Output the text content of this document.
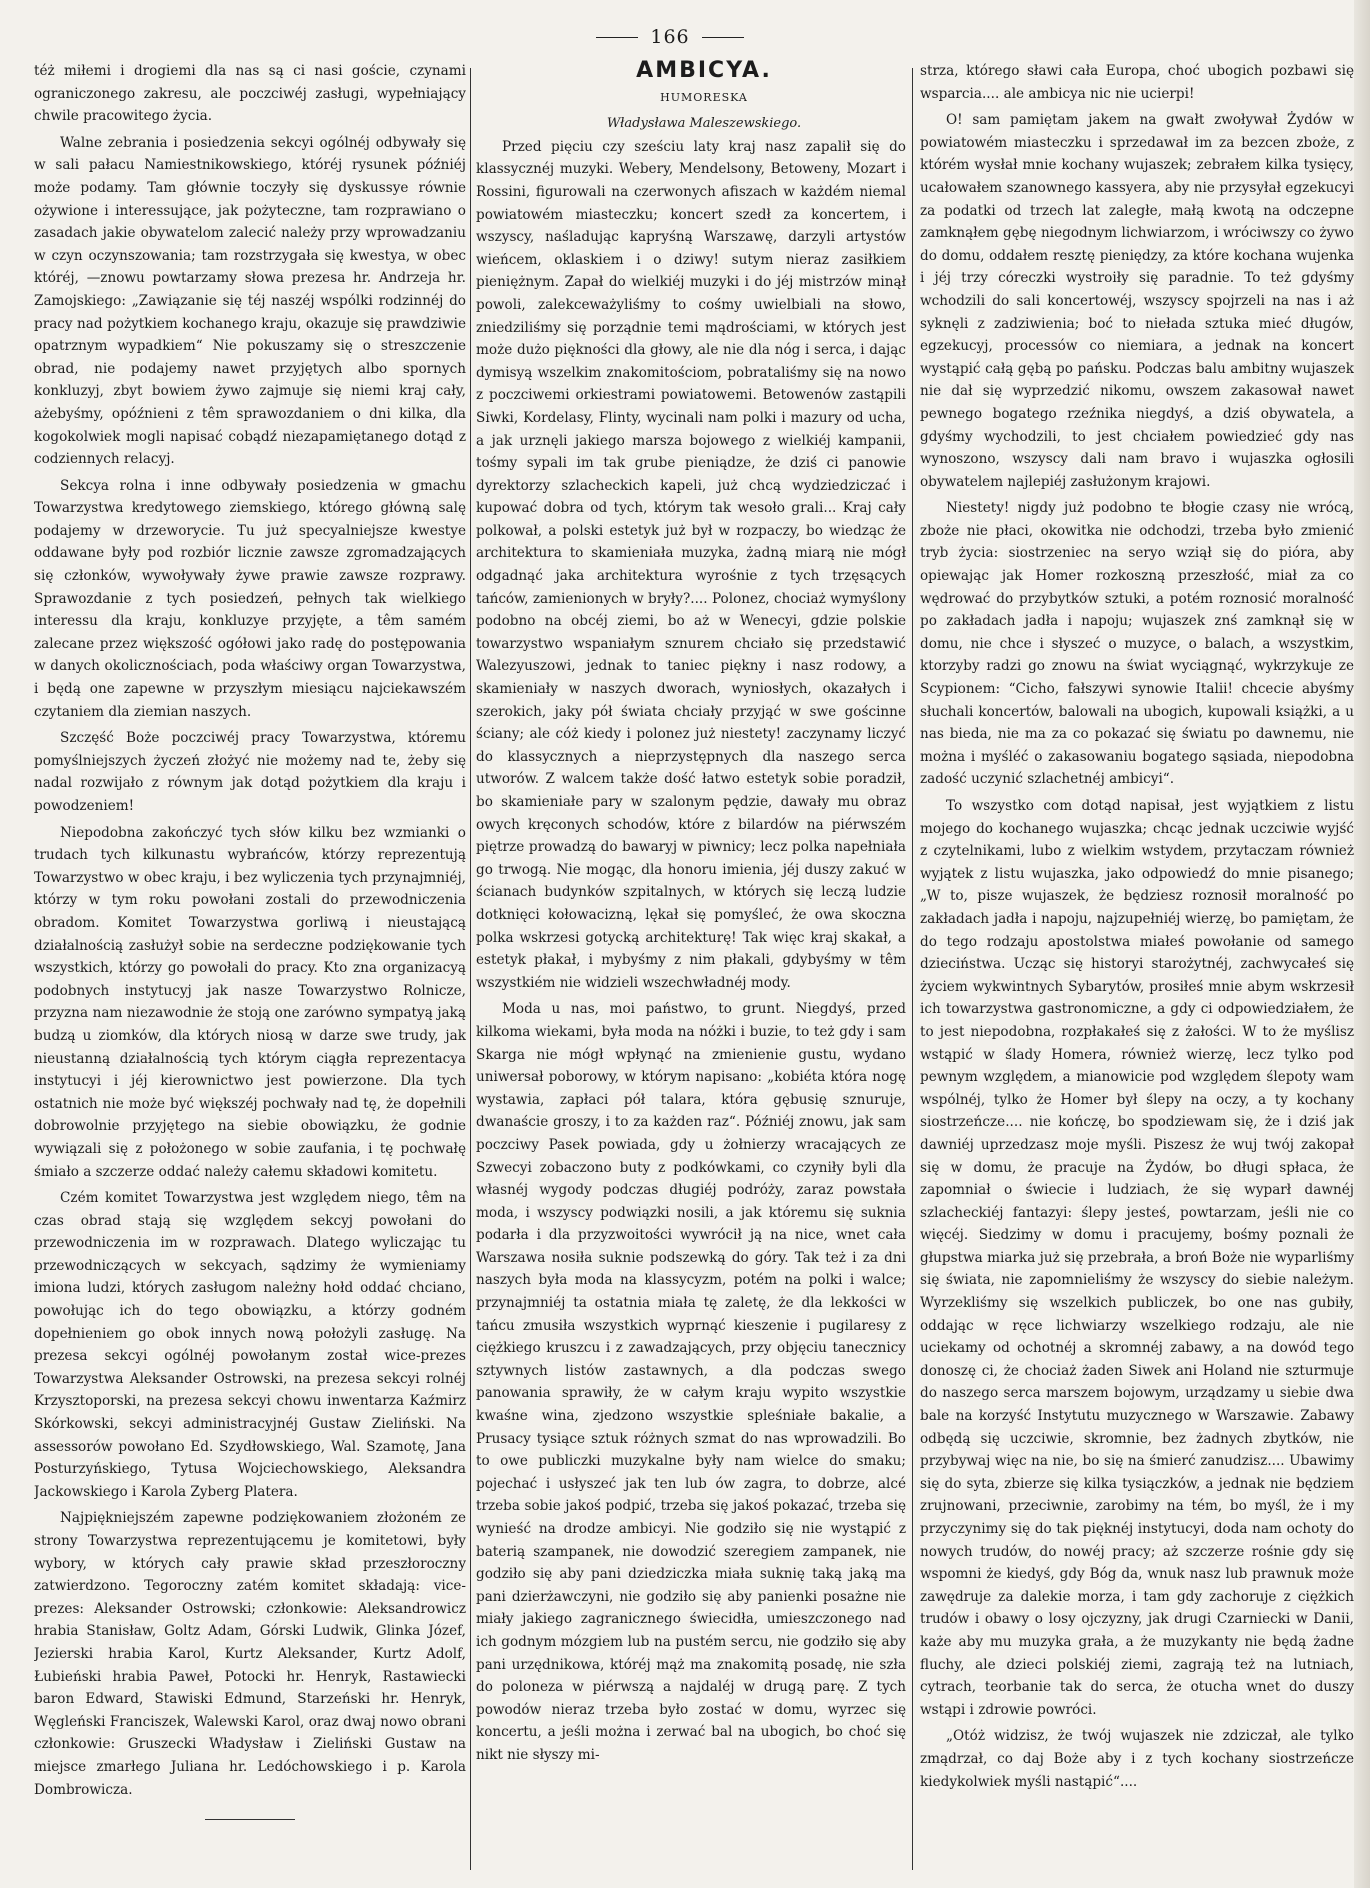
166

téż miłemi i drogiemi dla nas są ci nasi goście, czynami ograniczonego zakresu, ale poczciwéj zasługi, wypełniający chwile pracowitego życia.

Walne zebrania i posiedzenia sekcyi ogólnéj odbywały się w sali pałacu Namiestnikowskiego, któréj rysunek późniéj może podamy. Tam głównie toczyły się dyskussye równie ożywione i interessujące, jak pożyteczne, tam rozprawiano o zasadach jakie obywatelom zalecić należy przy wprowadzaniu w czyn oczynszowania; tam rozstrzygała się kwestya, w obec któréj, —znowu powtarzamy słowa prezesa hr. Andrzeja hr. Zamojskiego: „Zawiązanie się téj naszéj wspólki rodzinnéj do pracy nad pożytkiem kochanego kraju, okazuje się prawdziwie opatrznym wypadkiem“ Nie pokuszamy się o streszczenie obrad, nie podajemy nawet przyjętych albo spornych konkluzyj, zbyt bowiem żywo zajmuje się niemi kraj cały, ażebyśmy, opóźnieni z têm sprawozdaniem o dni kilka, dla kogokolwiek mogli napisać cobądź niezapamiętanego dotąd z codziennych relacyj.

Sekcya rolna i inne odbywały posiedzenia w gmachu Towarzystwa kredytowego ziemskiego, którego główną salę podajemy w drzeworycie. Tu już specyalniejsze kwestye oddawane były pod rozbiór licznie zawsze zgromadzających się członków, wywoływały żywe prawie zawsze rozprawy. Sprawozdanie z tych posiedzeń, pełnych tak wielkiego interessu dla kraju, konkluzye przyjęte, a têm samém zalecane przez większość ogółowi jako radę do postępowania w danych okolicznościach, poda właściwy organ Towarzystwa, i będą one zapewne w przyszłym miesiącu najciekawszém czytaniem dla ziemian naszych.

Szczęść Boże poczciwéj pracy Towarzystwa, któremu pomyślniejszych życzeń złożyć nie możemy nad te, żeby się nadal rozwijało z równym jak dotąd pożytkiem dla kraju i powodzeniem!

Niepodobna zakończyć tych słów kilku bez wzmianki o trudach tych kilkunastu wybrańców, którzy reprezentują Towarzystwo w obec kraju, i bez wyliczenia tych przynajmniéj, którzy w tym roku powołani zostali do przewodniczenia obradom. Komitet Towarzystwa gorliwą i nieustającą działalnością zasłużył sobie na serdeczne podziękowanie tych wszystkich, którzy go powołali do pracy. Kto zna organizacyą podobnych instytucyj jak nasze Towarzystwo Rolnicze, przyzna nam niezawodnie że stoją one zarówno sympatyą jaką budzą u ziomków, dla których niosą w darze swe trudy, jak nieustanną działalnością tych którym ciągła reprezentacya instytucyi i jéj kierownictwo jest powierzone. Dla tych ostatnich nie może być większéj pochwały nad tę, że dopełnili dobrowolnie przyjętego na siebie obowiązku, że godnie wywiązali się z położonego w sobie zaufania, i tę pochwałę śmiało a szczerze oddać należy całemu składowi komitetu.

Czém komitet Towarzystwa jest względem niego, têm na czas obrad stają się względem sekcyj powołani do przewodniczenia im w rozprawach. Dlatego wyliczając tu przewodniczących w sekcyach, sądzimy że wymieniamy imiona ludzi, których zasługom należny hołd oddać chciano, powołując ich do tego obowiązku, a którzy godném dopełnieniem go obok innych nową położyli zasługę. Na prezesa sekcyi ogólnéj powołanym został wice-prezes Towarzystwa Aleksander Ostrowski, na prezesa sekcyi rolnéj Krzysztoporski, na prezesa sekcyi chowu inwentarza Kaźmirz Skórkowski, sekcyi administracyjnéj Gustaw Zieliński. Na assessorów powołano Ed. Szydłowskiego, Wal. Szamotę, Jana Posturzyńskiego, Tytusa Wojciechowskiego, Aleksandra Jackowskiego i Karola Zyberg Platera.

Najpiękniejszém zapewne podziękowaniem złożoném ze strony Towarzystwa reprezentującemu je komitetowi, były wybory, w których cały prawie skład przeszłoroczny zatwierdzono. Tegoroczny zatém komitet składają: vice-prezes: Aleksander Ostrowski; członkowie: Aleksandrowicz hrabia Stanisław, Goltz Adam, Górski Ludwik, Glinka Józef, Jezierski hrabia Karol, Kurtz Aleksander, Kurtz Adolf, Łubieński hrabia Paweł, Potocki hr. Henryk, Rastawiecki baron Edward, Stawiski Edmund, Starzeński hr. Henryk, Węgleński Franciszek, Walewski Karol, oraz dwaj nowo obrani członkowie: Gruszecki Władysław i Zieliński Gustaw na miejsce zmarłego Juliana hr. Ledóchowskiego i p. Karola Dombrowicza.

AMBICYA.

HUMORESKA

Władysława Maleszewskiego.

Przed pięciu czy sześciu laty kraj nasz zapalił się do klassycznéj muzyki. Webery, Mendelsony, Betoweny, Mozart i Rossini, figurowali na czerwonych afiszach w każdém niemal powiatowém miasteczku; koncert szedł za koncertem, i wszyscy, naśladując kapryśną Warszawę, darzyli artystów wieńcem, oklaskiem i o dziwy! sutym nieraz zasiłkiem pieniężnym. Zapał do wielkiéj muzyki i do jéj mistrzów minął powoli, zalekceważyliśmy to cośmy uwielbiali na słowo, zniedziliśmy się porządnie temi mądrościami, w których jest może dużo piękności dla głowy, ale nie dla nóg i serca, i dając dymisyą wszelkim znakomitościom, pobrataliśmy się na nowo z poczciwemi orkiestrami powiatowemi. Betowenów zastąpili Siwki, Kordelasy, Flinty, wycinali nam polki i mazury od ucha, a jak urznęli jakiego marsza bojowego z wielkiéj kampanii, tośmy sypali im tak grube pieniądze, że dziś ci panowie dyrektorzy szlacheckich kapeli, już chcą wydziedziczać i kupować dobra od tych, którym tak wesoło grali... Kraj cały polkował, a polski estetyk już był w rozpaczy, bo wiedząc że architektura to skamieniała muzyka, żadną miarą nie mógł odgadnąć jaka architektura wyrośnie z tych trzęsących tańców, zamienionych w bryły?.... Polonez, chociaż wymyślony podobno na obcéj ziemi, bo aż w Wenecyi, gdzie polskie towarzystwo wspaniałym sznurem chciało się przedstawić Walezyuszowi, jednak to taniec piękny i nasz rodowy, a skamieniały w naszych dworach, wyniosłych, okazałych i szerokich, jaky pół świata chciały przyjąć w swe gościnne ściany; ale cóż kiedy i polonez już niestety! zaczynamy liczyć do klassycznych a nieprzystępnych dla naszego serca utworów. Z walcem także dość łatwo estetyk sobie poradził, bo skamieniałe pary w szalonym pędzie, dawały mu obraz owych kręconych schodów, które z bilardów na piérwszém piętrze prowadzą do bawaryj w piwnicy; lecz polka napełniała go trwogą. Nie mogąc, dla honoru imienia, jéj duszy zakuć w ścianach budynków szpitalnych, w których się leczą ludzie dotknięci kołowacizną, lękał się pomyśleć, że owa skoczna polka wskrzesi gotycką architekturę! Tak więc kraj skakał, a estetyk płakał, i mybyśmy z nim płakali, gdybyśmy w têm wszystkiém nie widzieli wszechwładnéj mody.

Moda u nas, moi państwo, to grunt. Niegdyś, przed kilkoma wiekami, była moda na nóżki i buzie, to też gdy i sam Skarga nie mógł wpłynąć na zmienienie gustu, wydano uniwersał poborowy, w którym napisano: „kobiéta która nogę wystawia, zapłaci pół talara, która gębusię sznuruje, dwanaście groszy, i to za każden raz“. Późniéj znowu, jak sam poczciwy Pasek powiada, gdy u żołnierzy wracających ze Szwecyi zobaczono buty z podkówkami, co czyniły byli dla własnéj wygody podczas długiéj podróży, zaraz powstała moda, i wszyscy podwiązki nosili, a jak któremu się suknia podarła i dla przyzwoitości wywrócił ją na nice, wnet cała Warszawa nosiła suknie podszewką do góry. Tak też i za dni naszych była moda na klassycyzm, potém na polki i walce; przynajmniéj ta ostatnia miała tę zaletę, że dla lekkości w tańcu zmusiła wszystkich wyprnąć kieszenie i pugilaresy z ciężkiego kruszcu i z zawadzających, przy objęciu tanecznicy sztywnych listów zastawnych, a dla podczas swego panowania sprawiły, że w całym kraju wypito wszystkie kwaśne wina, zjedzono wszystkie spleśniałe bakalie, a Prusacy tysiące sztuk różnych szmat do nas wprowadzili. Bo to owe publiczki muzykalne były nam wielce do smaku; pojechać i usłyszeć jak ten lub ów zagra, to dobrze, alcé trzeba sobie jakoś podpić, trzeba się jakoś pokazać, trzeba się wynieść na drodze ambicyi. Nie godziło się nie wystąpić z baterią szampanek, nie dowodzić szeregiem zampanek, nie godziło się aby pani dziedziczka miała suknię taką jaką ma pani dzierżawczyni, nie godziło się aby panienki posażne nie miały jakiego zagranicznego świecidła, umieszczonego nad ich godnym mózgiem lub na pustém sercu, nie godziło się aby pani urzędnikowa, któréj mąż ma znakomitą posadę, nie szła do poloneza w piérwszą a najdaléj w drugą parę. Z tych powodów nieraz trzeba było zostać w domu, wyrzec się koncertu, a jeśli można i zerwać bal na ubogich, bo choć się nikt nie słyszy mi-

strza, którego sławi cała Europa, choć ubogich pozbawi się wsparcia.... ale ambicya nic nie ucierpi!

O! sam pamiętam jakem na gwałt zwoływał Żydów w powiatowém miasteczku i sprzedawał im za bezcen zboże, z którém wysłał mnie kochany wujaszek; zebrałem kilka tysięcy, ucałowałem szanownego kassyera, aby nie przysyłał egzekucyi za podatki od trzech lat zaległe, małą kwotą na odczepne zamknąłem gębę niegodnym lichwiarzom, i wróciwszy co żywo do domu, oddałem resztę pieniędzy, za które kochana wujenka i jéj trzy córeczki wystroiły się paradnie. To też gdyśmy wchodzili do sali koncertowéj, wszyscy spojrzeli na nas i aż syknęli z zadziwienia; boć to niełada sztuka mieć długów, egzekucyj, processów co niemiara, a jednak na koncert wystąpić całą gębą po pańsku. Podczas balu ambitny wujaszek nie dał się wyprzedzić nikomu, owszem zakasował nawet pewnego bogatego rzeźnika niegdyś, a dziś obywatela, a gdyśmy wychodzili, to jest chciałem powiedzieć gdy nas wynoszono, wszyscy dali nam bravo i wujaszka ogłosili obywatelem najlepiéj zasłużonym krajowi.

Niestety! nigdy już podobno te błogie czasy nie wrócą, zboże nie płaci, okowitka nie odchodzi, trzeba było zmienić tryb życia: siostrzeniec na seryo wziął się do pióra, aby opiewając jak Homer rozkoszną przeszłość, miał za co wędrować do przybytków sztuki, a potém roznosić moralność po zakładach jadła i napoju; wujaszek znś zamknął się w domu, nie chce i słyszeć o muzyce, o balach, a wszystkim, ktorzyby radzi go znowu na świat wyciągnąć, wykrzykuje ze Scypionem: “Cicho, fałszywi synowie Italii! chcecie abyśmy słuchali koncertów, balowali na ubogich, kupowali książki, a u nas bieda, nie ma za co pokazać się światu po dawnemu, nie można i myśléć o zakasowaniu bogatego sąsiada, niepodobna zadość uczynić szlachetnéj ambicyi“.

To wszystko com dotąd napisał, jest wyjątkiem z listu mojego do kochanego wujaszka; chcąc jednak uczciwie wyjść z czytelnikami, lubo z wielkim wstydem, przytaczam również wyjątek z listu wujaszka, jako odpowiedź do mnie pisanego; „W to, pisze wujaszek, że będziesz roznosił moralność po zakładach jadła i napoju, najzupełniéj wierzę, bo pamiętam, że do tego rodzaju apostolstwa miałeś powołanie od samego dzieciństwa. Ucząc się historyi starożytnéj, zachwycałeś się życiem wykwintnych Sybarytów, prosiłeś mnie abym wskrzesił ich towarzystwa gastronomiczne, a gdy ci odpowiedziałem, że to jest niepodobna, rozpłakałeś się z żałości. W to że myślisz wstąpić w ślady Homera, również wierzę, lecz tylko pod pewnym względem, a mianowicie pod względem ślepoty wam wspólnéj, tylko że Homer był ślepy na oczy, a ty kochany siostrzeńcze.... nie kończę, bo spodziewam się, że i dziś jak dawniéj uprzedzasz moje myśli. Piszesz że wuj twój zakopał się w domu, że pracuje na Żydów, bo długi spłaca, że zapomniał o świecie i ludziach, że się wyparł dawnéj szlacheckiéj fantazyi: ślepy jesteś, powtarzam, jeśli nie co więcéj. Siedzimy w domu i pracujemy, bośmy poznali że głupstwa miarka już się przebrała, a broń Boże nie wyparliśmy się świata, nie zapomnieliśmy że wszyscy do siebie należym. Wyrzekliśmy się wszelkich publiczek, bo one nas gubiły, oddając w ręce lichwiarzy wszelkiego rodzaju, ale nie uciekamy od ochotnéj a skromnéj zabawy, a na dowód tego donoszę ci, że chociaż żaden Siwek ani Holand nie szturmuje do naszego serca marszem bojowym, urządzamy u siebie dwa bale na korzyść Instytutu muzycznego w Warszawie. Zabawy odbędą się uczciwie, skromnie, bez żadnych zbytków, nie przybywaj więc na nie, bo się na śmierć zanudzisz.... Ubawimy się do syta, zbierze się kilka tysiączków, a jednak nie będziem zrujnowani, przeciwnie, zarobimy na tém, bo myśl, że i my przyczynimy się do tak pięknéj instytucyi, doda nam ochoty do nowych trudów, do nowéj pracy; aż szczerze rośnie gdy się wspomni że kiedyś, gdy Bóg da, wnuk nasz lub prawnuk może zawędruje za dalekie morza, i tam gdy zachoruje z ciężkich trudów i obawy o losy ojczyzny, jak drugi Czarniecki w Danii, każe aby mu muzyka grała, a że muzykanty nie będą żadne fluchy, ale dzieci polskiéj ziemi, zagrają też na lutniach, cytrach, teorbanie tak do serca, że otucha wnet do duszy wstąpi i zdrowie powróci.

„Otóż widzisz, że twój wujaszek nie zdziczał, ale tylko zmądrzał, co daj Boże aby i z tych kochany siostrzeńcze kiedykolwiek myśli nastąpić“....
